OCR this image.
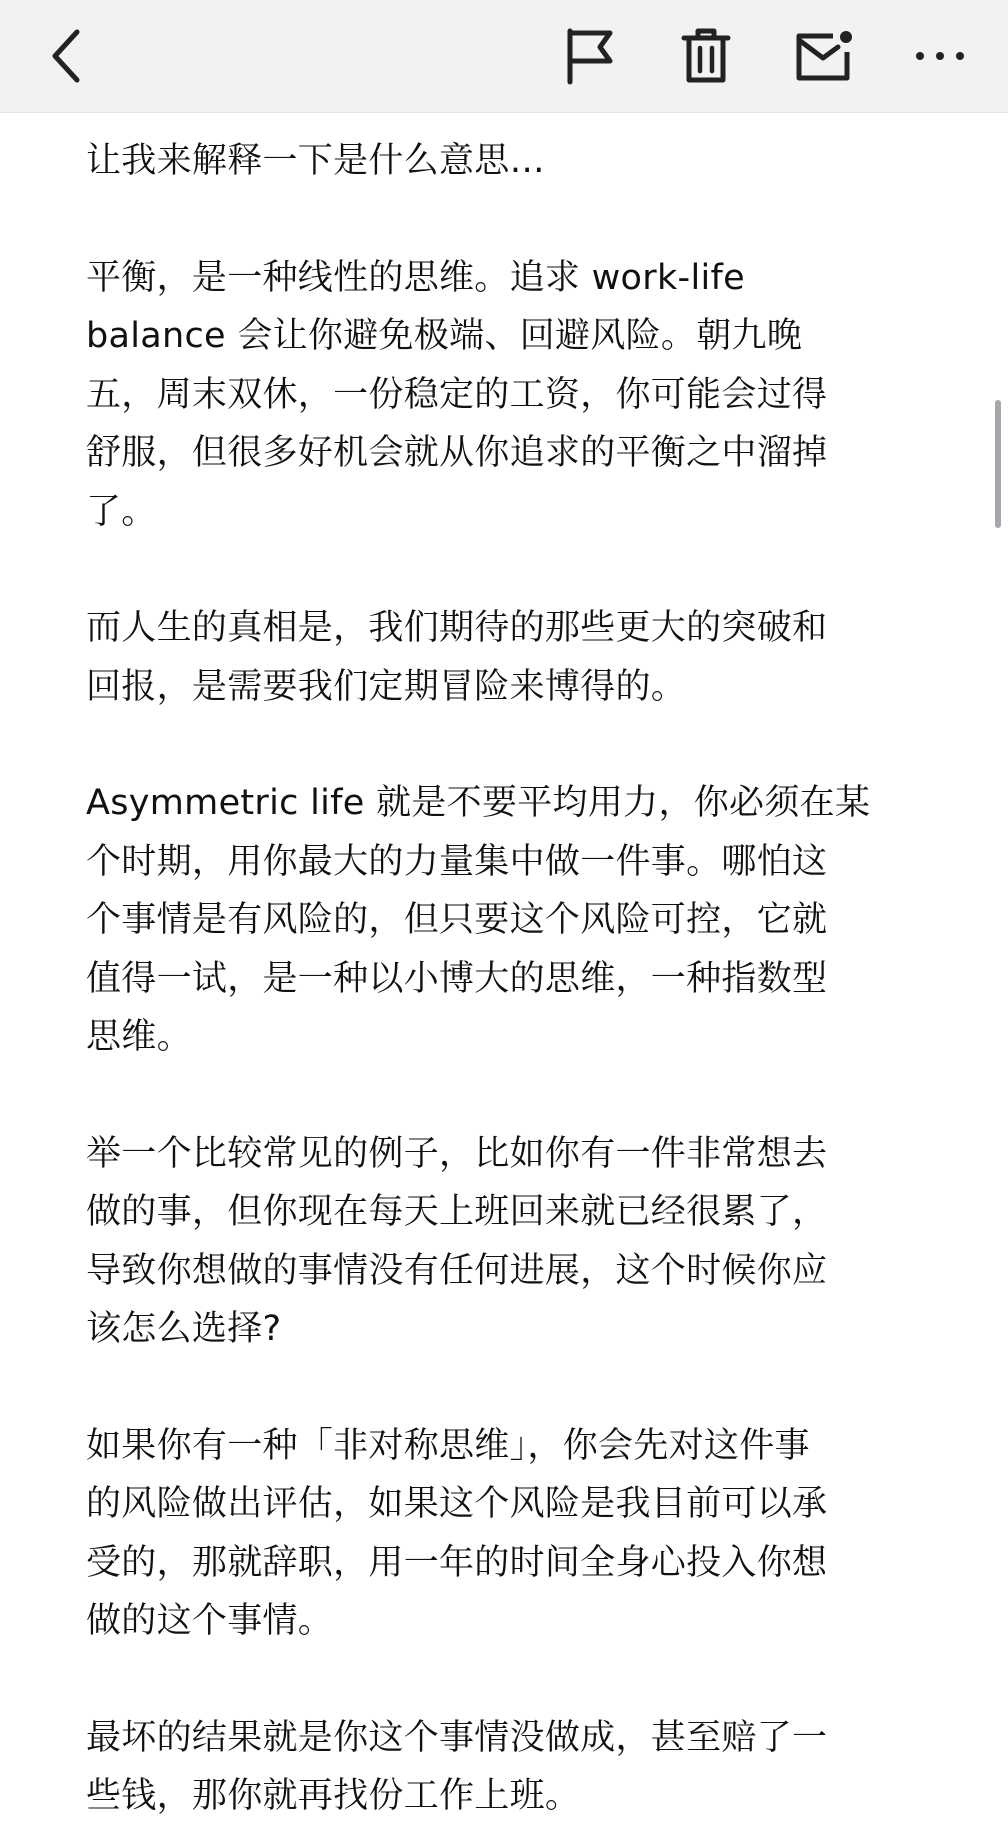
让我来解释一下是什么意思…

平衡，是一种线性的思维。追求 work-life
balance 会让你避免极端、回避风险。朝九晚
五，周末双休，一份稳定的工资，你可能会过得
舒服，但很多好机会就从你追求的平衡之中溜掉
了。

而人生的真相是，我们期待的那些更大的突破和
回报，是需要我们定期冒险来博得的。

Asymmetric life 就是不要平均用力，你必须在某
个时期，用你最大的力量集中做一件事。哪怕这
个事情是有风险的，但只要这个风险可控，它就
值得一试，是一种以小博大的思维，一种指数型
思维。

举一个比较常见的例子，比如你有一件非常想去
做的事，但你现在每天上班回来就已经很累了，
导致你想做的事情没有任何进展，这个时候你应
该怎么选择?

如果你有一种「非对称思维」，你会先对这件事
的风险做出评估，如果这个风险是我目前可以承
受的，那就辞职，用一年的时间全身心投入你想
做的这个事情。

最坏的结果就是你这个事情没做成，甚至赔了一
些钱，那你就再找份工作上班。
